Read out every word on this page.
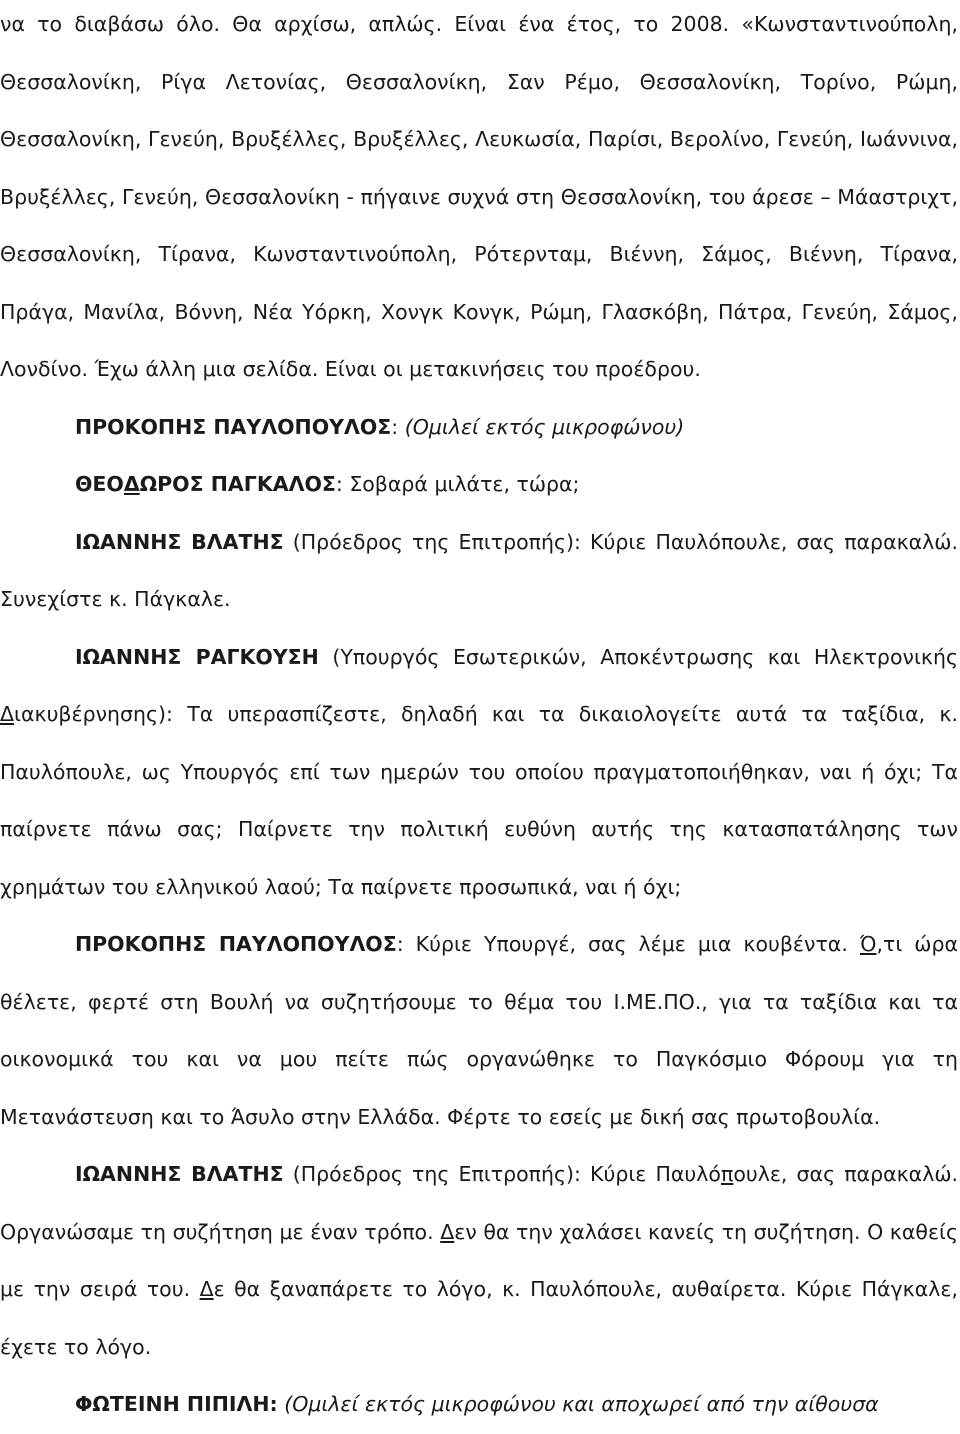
να το διαβάσω όλο. Θα αρχίσω, απλώς. Είναι ένα έτος, το 2008. «Κωνσταντινούπολη, Θεσσαλονίκη, Ρίγα Λετονίας, Θεσσαλονίκη, Σαν Ρέμο, Θεσσαλονίκη, Τορίνο, Ρώμη, Θεσσαλονίκη, Γενεύη, Βρυξέλλες, Βρυξέλλες, Λευκωσία, Παρίσι, Βερολίνο, Γενεύη, Ιωάννινα, Βρυξέλλες, Γενεύη, Θεσσαλονίκη - πήγαινε συχνά στη Θεσσαλονίκη, του άρεσε – Μάαστριχτ, Θεσσαλονίκη, Τίρανα, Κωνσταντινούπολη, Ρότερνταμ, Βιέννη, Σάμος, Βιέννη, Τίρανα, Πράγα, Μανίλα, Βόννη, Νέα Υόρκη, Χονγκ Κονγκ, Ρώμη, Γλασκόβη, Πάτρα, Γενεύη, Σάμος, Λονδίνο. Έχω άλλη μια σελίδα. Είναι οι μετακινήσεις του προέδρου.

ΠΡΟΚΟΠΗΣ ΠΑΥΛΟΠΟΥΛΟΣ: (Ομιλεί εκτός μικροφώνου)

ΘΕΟΔΩΡΟΣ ΠΑΓΚΑΛΟΣ: Σοβαρά μιλάτε, τώρα;

ΙΩΑΝΝΗΣ ΒΛΑΤΗΣ (Πρόεδρος της Επιτροπής): Κύριε Παυλόπουλε, σας παρακαλώ. Συνεχίστε κ. Πάγκαλε.

ΙΩΑΝΝΗΣ ΡΑΓΚΟΥΣΗ (Υπουργός Εσωτερικών, Αποκέντρωσης και Ηλεκτρονικής Διακυβέρνησης): Τα υπερασπίζεστε, δηλαδή και τα δικαιολογείτε αυτά τα ταξίδια, κ. Παυλόπουλε, ως Υπουργός επί των ημερών του οποίου πραγματοποιήθηκαν, ναι ή όχι; Τα παίρνετε πάνω σας; Παίρνετε την πολιτική ευθύνη αυτής της κατασπατάλησης των χρημάτων του ελληνικού λαού; Τα παίρνετε προσωπικά, ναι ή όχι;

ΠΡΟΚΟΠΗΣ ΠΑΥΛΟΠΟΥΛΟΣ: Κύριε Υπουργέ, σας λέμε μια κουβέντα. Ό,τι ώρα θέλετε, φερτέ στη Βουλή να συζητήσουμε το θέμα του Ι.ΜΕ.ΠΟ., για τα ταξίδια και τα οικονομικά του και να μου πείτε πώς οργανώθηκε το Παγκόσμιο Φόρουμ για τη Μετανάστευση και το Άσυλο στην Ελλάδα. Φέρτε το εσείς με δική σας πρωτοβουλία.

ΙΩΑΝΝΗΣ ΒΛΑΤΗΣ (Πρόεδρος της Επιτροπής): Κύριε Παυλόπουλε, σας παρακαλώ. Οργανώσαμε τη συζήτηση με έναν τρόπο. Δεν θα την χαλάσει κανείς τη συζήτηση. Ο καθείς με την σειρά του. Δε θα ξαναπάρετε το λόγο, κ. Παυλόπουλε, αυθαίρετα. Κύριε Πάγκαλε, έχετε το λόγο.

ΦΩΤΕΙΝΗ ΠΙΠΙΛΗ: (Ομιλεί εκτός μικροφώνου και αποχωρεί από την αίθουσα
